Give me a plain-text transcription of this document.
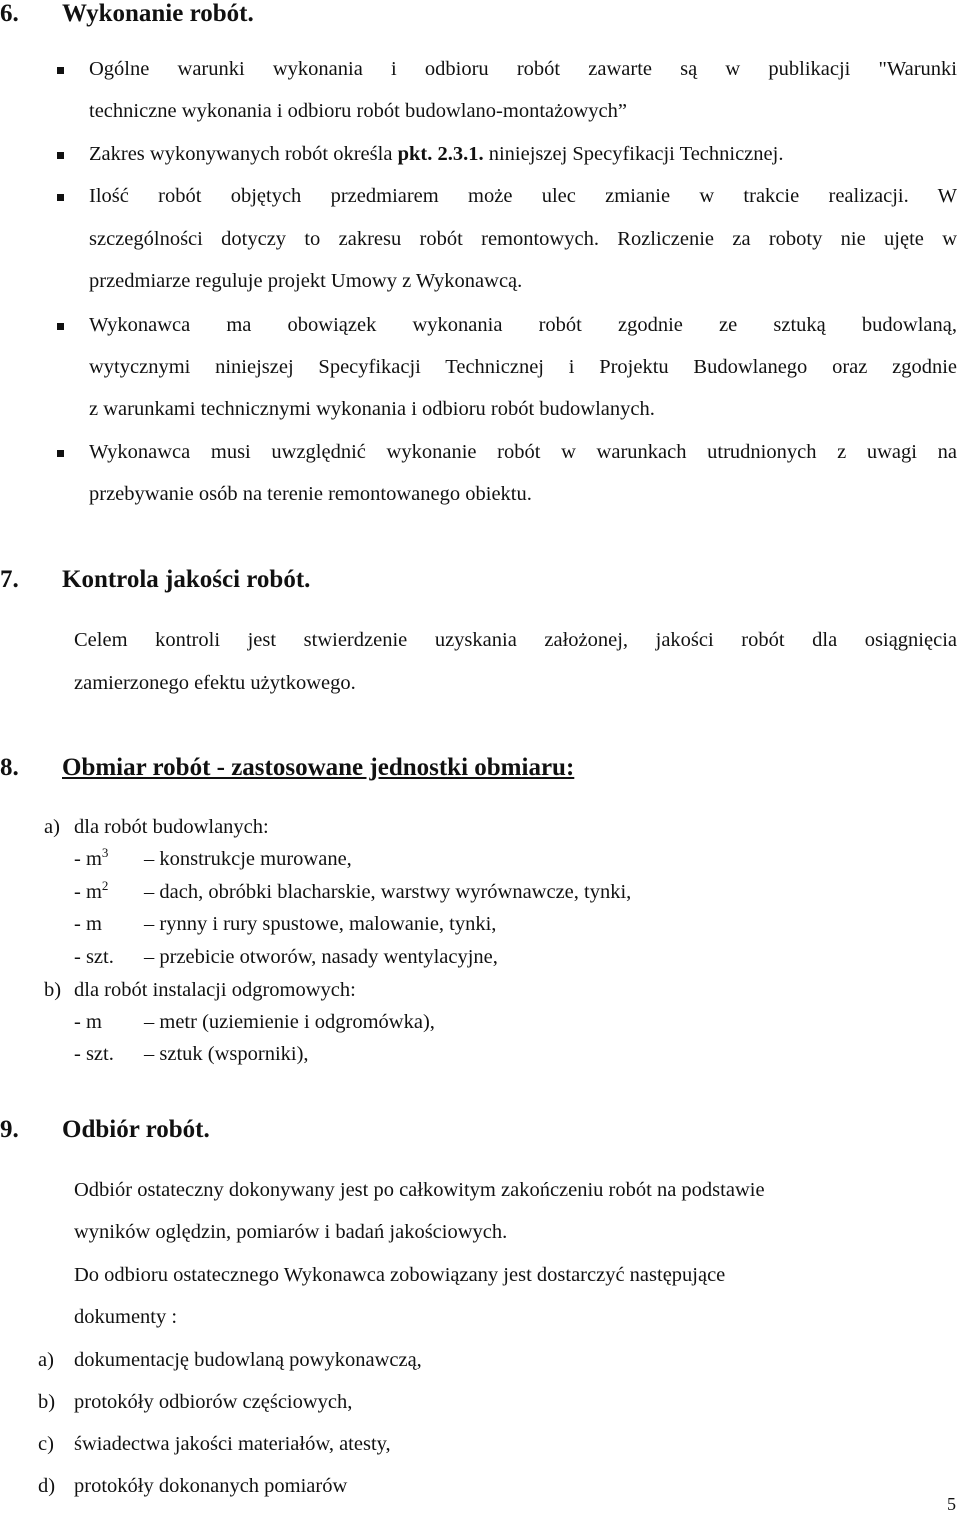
6. Wykonanie robót.
Ogólne warunki wykonania i odbioru robót zawarte są w publikacji "Warunki
techniczne wykonania i odbioru robót budowlano-montażowych”
Zakres wykonywanych robót określa pkt. 2.3.1. niniejszej Specyfikacji Technicznej.
Ilość robót objętych przedmiarem może ulec zmianie w trakcie realizacji. W
szczególności dotyczy to zakresu robót remontowych. Rozliczenie za roboty nie ujęte w
przedmiarze reguluje projekt Umowy z Wykonawcą.
Wykonawca ma obowiązek wykonania robót zgodnie ze sztuką budowlaną,
wytycznymi niniejszej Specyfikacji Technicznej i Projektu Budowlanego oraz zgodnie
z warunkami technicznymi wykonania i odbioru robót budowlanych.
Wykonawca musi uwzględnić wykonanie robót w warunkach utrudnionych z uwagi na
przebywanie osób na terenie remontowanego obiektu.
7. Kontrola jakości robót.
Celem kontroli jest stwierdzenie uzyskania założonej, jakości robót dla osiągnięcia
zamierzonego efektu użytkowego.
8. Obmiar robót - zastosowane jednostki obmiaru:
a) dla robót budowlanych:
- $m^3$ – konstrukcje murowane,
- $m^2$ – dach, obróbki blacharskie, warstwy wyrównawcze, tynki,
- m – rynny i rury spustowe, malowanie, tynki,
- szt. – przebicie otworów, nasady wentylacyjne,
b) dla robót instalacji odgromowych:
- m – metr (uziemienie i odgromówka),
- szt. – sztuk (wsporniki),
9. Odbiór robót.
Odbiór ostateczny dokonywany jest po całkowitym zakończeniu robót na podstawie
wyników oględzin, pomiarów i badań jakościowych.
Do odbioru ostatecznego Wykonawca zobowiązany jest dostarczyć następujące
dokumenty :
a) dokumentację budowlaną powykonawczą,
b) protokóły odbiorów częściowych,
c) świadectwa jakości materiałów, atesty,
d) protokóły dokonanych pomiarów
5
